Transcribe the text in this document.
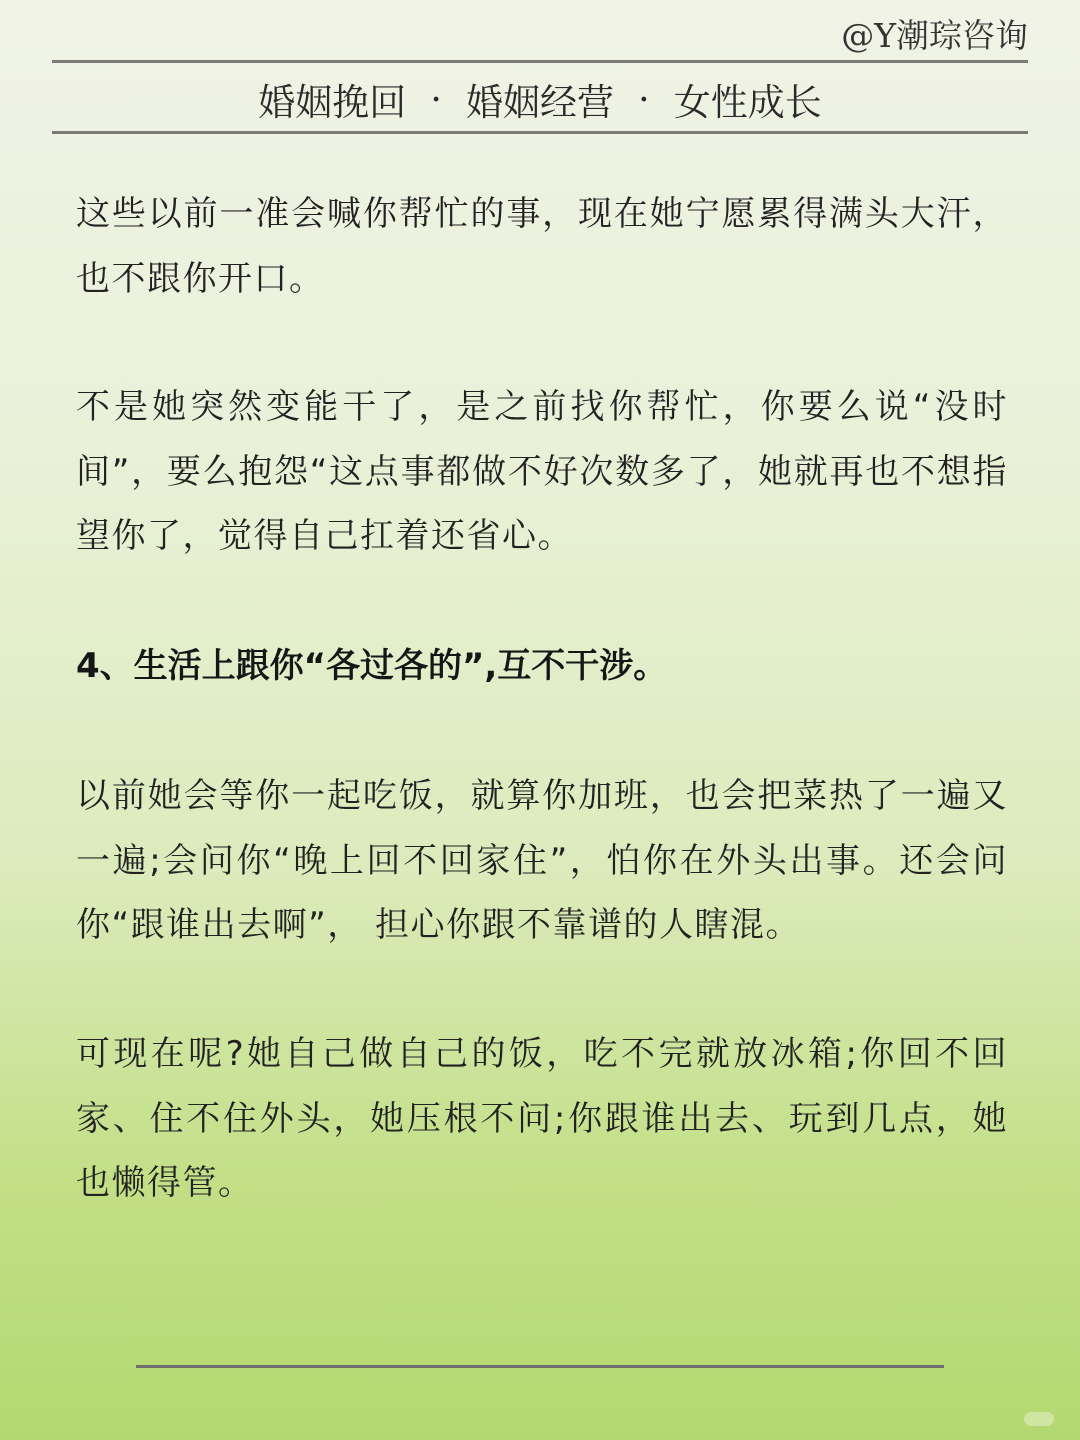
@Y潮琮咨询
婚姻挽回 · 婚姻经营 · 女性成长

这些以前一准会喊你帮忙的事，现在她宁愿累得满头大汗，也不跟你开口。

不是她突然变能干了，是之前找你帮忙，你要么说“没时间”，要么抱怨“这点事都做不好次数多了，她就再也不想指望你了，觉得自己扛着还省心。

4、生活上跟你“各过各的”,互不干涉。

以前她会等你一起吃饭，就算你加班，也会把菜热了一遍又一遍;会问你“晚上回不回家住”，怕你在外头出事。还会问你“跟谁出去啊”， 担心你跟不靠谱的人瞎混。

可现在呢?她自己做自己的饭，吃不完就放冰箱;你回不回家、住不住外头，她压根不问;你跟谁出去、玩到几点，她也懒得管。
